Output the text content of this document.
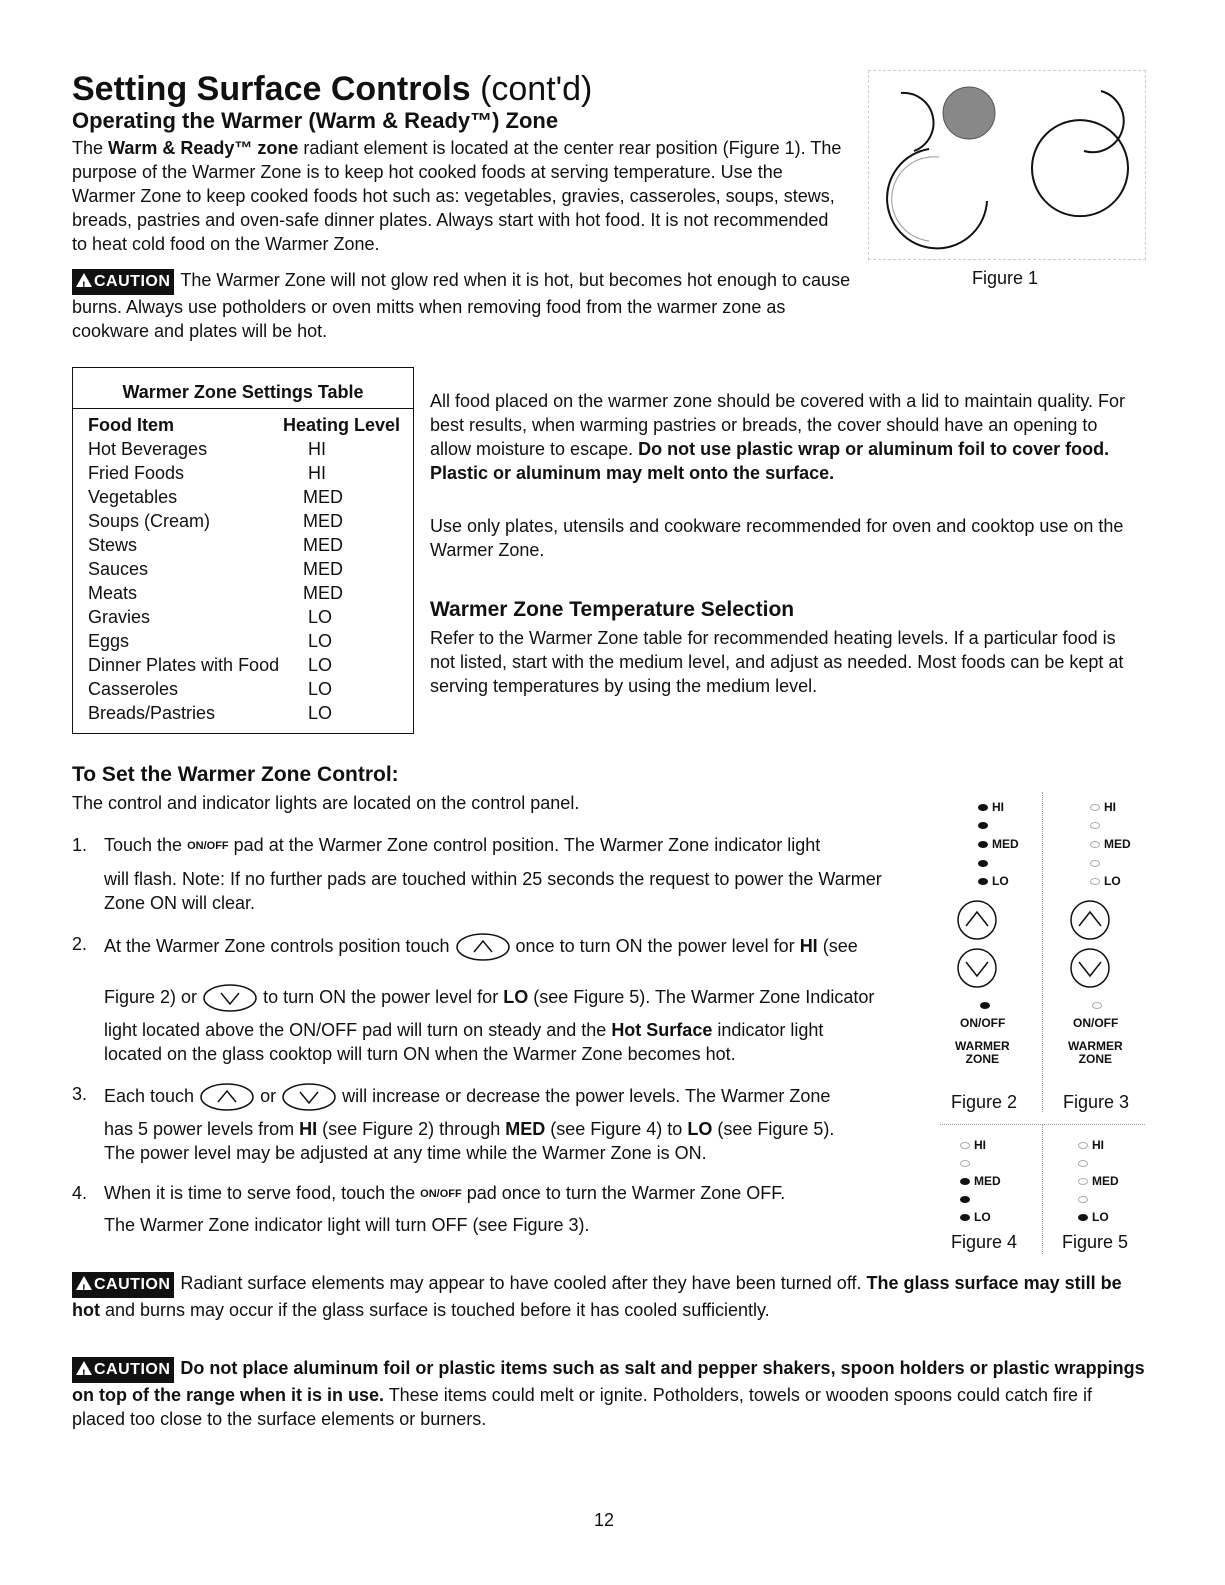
Setting Surface Controls (cont'd)
Operating the Warmer (Warm & Ready™) Zone

The Warm & Ready™ zone radiant element is located at the center rear position (Figure 1). The purpose of the Warmer Zone is to keep hot cooked foods at serving temperature. Use the Warmer Zone to keep cooked foods hot such as: vegetables, gravies, casseroles, soups, stews, breads, pastries and oven-safe dinner plates. Always start with hot food. It is not recommended to heat cold food on the Warmer Zone.

Figure 1

!CAUTION The Warmer Zone will not glow red when it is hot, but becomes hot enough to cause burns. Always use potholders or oven mitts when removing food from the warmer zone as cookware and plates will be hot.

Warmer Zone Settings Table
Food Item	Heating Level
Hot Beverages	HI
Fried Foods	HI
Vegetables	MED
Soups (Cream)	MED
Stews	MED
Sauces	MED
Meats	MED
Gravies	LO
Eggs	LO
Dinner Plates with Food	LO
Casseroles	LO
Breads/Pastries	LO

All food placed on the warmer zone should be covered with a lid to maintain quality. For best results, when warming pastries or breads, the cover should have an opening to allow moisture to escape. Do not use plastic wrap or aluminum foil to cover food. Plastic or aluminum may melt onto the surface.

Use only plates, utensils and cookware recommended for oven and cooktop use on the Warmer Zone.

Warmer Zone Temperature Selection

Refer to the Warmer Zone table for recommended heating levels. If a particular food is not listed, start with the medium level, and adjust as needed. Most foods can be kept at serving temperatures by using the medium level.

To Set the Warmer Zone Control:

The control and indicator lights are located on the control panel.

1. Touch the ON/OFF pad at the Warmer Zone control position. The Warmer Zone indicator light

will flash. Note: If no further pads are touched within 25 seconds the request to power the Warmer Zone ON will clear.

2. At the Warmer Zone controls position touch	once to turn ON the power level for HI (see

Figure 2) or	to turn ON the power level for LO (see Figure 5). The Warmer Zone Indicator

light located above the ON/OFF pad will turn on steady and the Hot Surface indicator light

located on the glass cooktop will turn ON when the Warmer Zone becomes hot.

3. Each touch	or	will increase or decrease the power levels. The Warmer Zone

has 5 power levels from HI (see Figure 2) through MED (see Figure 4) to LO (see Figure 5).

The power level may be adjusted at any time while the Warmer Zone is ON.

4. When it is time to serve food, touch the ON/OFF pad once to turn the Warmer Zone OFF.

The Warmer Zone indicator light will turn OFF (see Figure 3).

HI
MED
LO
ON/OFF
WARMER
ZONE
Figure 2
HI
MED
LO
ON/OFF
WARMER
ZONE
Figure 3
HI
MED
LO
Figure 4
HI
MED
LO
Figure 5

!CAUTION Radiant surface elements may appear to have cooled after they have been turned off. The glass surface may still be hot and burns may occur if the glass surface is touched before it has cooled sufficiently.

!CAUTION Do not place aluminum foil or plastic items such as salt and pepper shakers, spoon holders or plastic wrappings on top of the range when it is in use. These items could melt or ignite. Potholders, towels or wooden spoons could catch fire if placed too close to the surface elements or burners.

12
